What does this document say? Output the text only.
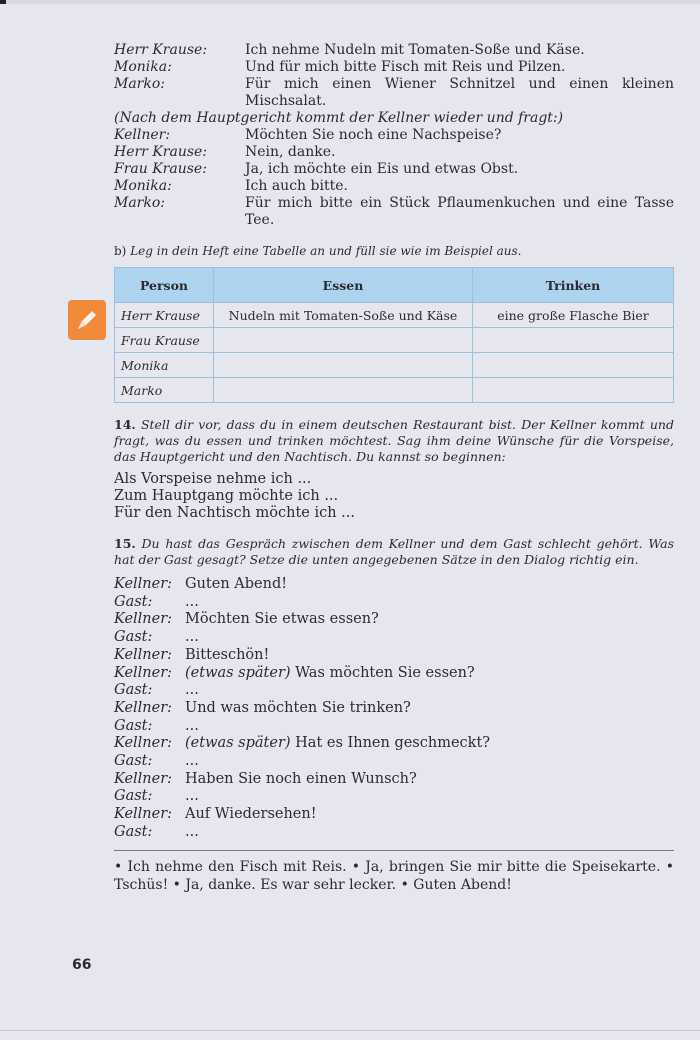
Herr Krause:	Ich nehme Nudeln mit Tomaten-Soße und Käse.
Monika:	Und für mich bitte Fisch mit Reis und Pilzen.
Marko:	Für mich einen Wiener Schnitzel und einen kleinen Mischsalat.
(Nach dem Hauptgericht kommt der Kellner wieder und fragt:)
Kellner:	Möchten Sie noch eine Nachspeise?
Herr Krause:	Nein, danke.
Frau Krause:	Ja, ich möchte ein Eis und etwas Obst.
Monika:	Ich auch bitte.
Marko:	Für mich bitte ein Stück Pflaumenkuchen und eine Tasse Tee.
b) Leg in dein Heft eine Tabelle an und füll sie wie im Beispiel aus.
Person	Essen	Trinken
Herr Krause	Nudeln mit Tomaten-Soße und Käse	eine große Flasche Bier
Frau Krause		
Monika		
Marko		
14. Stell dir vor, dass du in einem deutschen Restaurant bist. Der Kellner kommt und fragt, was du essen und trinken möchtest. Sag ihm deine Wünsche für die Vorspeise, das Hauptgericht und den Nachtisch. Du kannst so beginnen:
Als Vorspeise nehme ich ...
Zum Hauptgang möchte ich ...
Für den Nachtisch möchte ich ...
15. Du hast das Gespräch zwischen dem Kellner und dem Gast schlecht gehört. Was hat der Gast gesagt? Setze die unten angegebenen Sätze in den Dialog richtig ein.
Kellner: Guten Abend!
Gast: ...
Kellner: Möchten Sie etwas essen?
Gast: ...
Kellner: Bitteschön!
Kellner: (etwas später) Was möchten Sie essen?
Gast: ...
Kellner: Und was möchten Sie trinken?
Gast: ...
Kellner: (etwas später) Hat es Ihnen geschmeckt?
Gast: ...
Kellner: Haben Sie noch einen Wunsch?
Gast: ...
Kellner: Auf Wiedersehen!
Gast: ...
• Ich nehme den Fisch mit Reis. • Ja, bringen Sie mir bitte die Speisekarte. • Tschüs! • Ja, danke. Es war sehr lecker. • Guten Abend!
66
